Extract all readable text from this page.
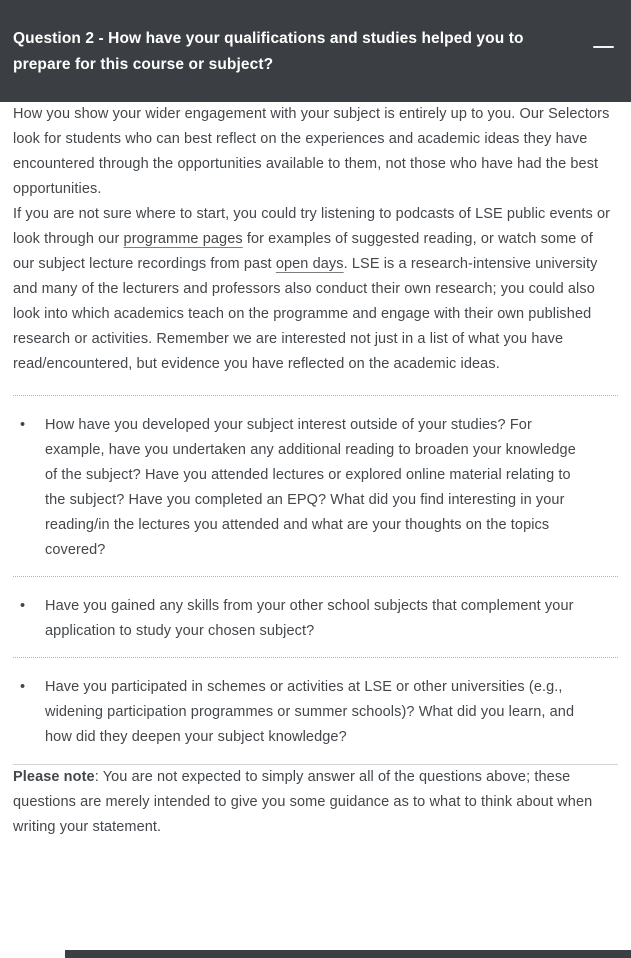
Question 2 - How have your qualifications and studies helped you to prepare for this course or subject?

How you show your wider engagement with your subject is entirely up to you. Our Selectors look for students who can best reflect on the experiences and academic ideas they have encountered through the opportunities available to them, not those who have had the best opportunities.

If you are not sure where to start, you could try listening to podcasts of LSE public events or look through our programme pages for examples of suggested reading, or watch some of our subject lecture recordings from past open days. LSE is a research-intensive university and many of the lecturers and professors also conduct their own research; you could also look into which academics teach on the programme and engage with their own published research or activities. Remember we are interested not just in a list of what you have read/encountered, but evidence you have reflected on the academic ideas.

•	How have you developed your subject interest outside of your studies? For example, have you undertaken any additional reading to broaden your knowledge of the subject? Have you attended lectures or explored online material relating to the subject? Have you completed an EPQ? What did you find interesting in your reading/in the lectures you attended and what are your thoughts on the topics covered?
•	Have you gained any skills from your other school subjects that complement your application to study your chosen subject?
•	Have you participated in schemes or activities at LSE or other universities (e.g., widening participation programmes or summer schools)? What did you learn, and how did they deepen your subject knowledge?

Please note: You are not expected to simply answer all of the questions above; these questions are merely intended to give you some guidance as to what to think about when writing your statement.
